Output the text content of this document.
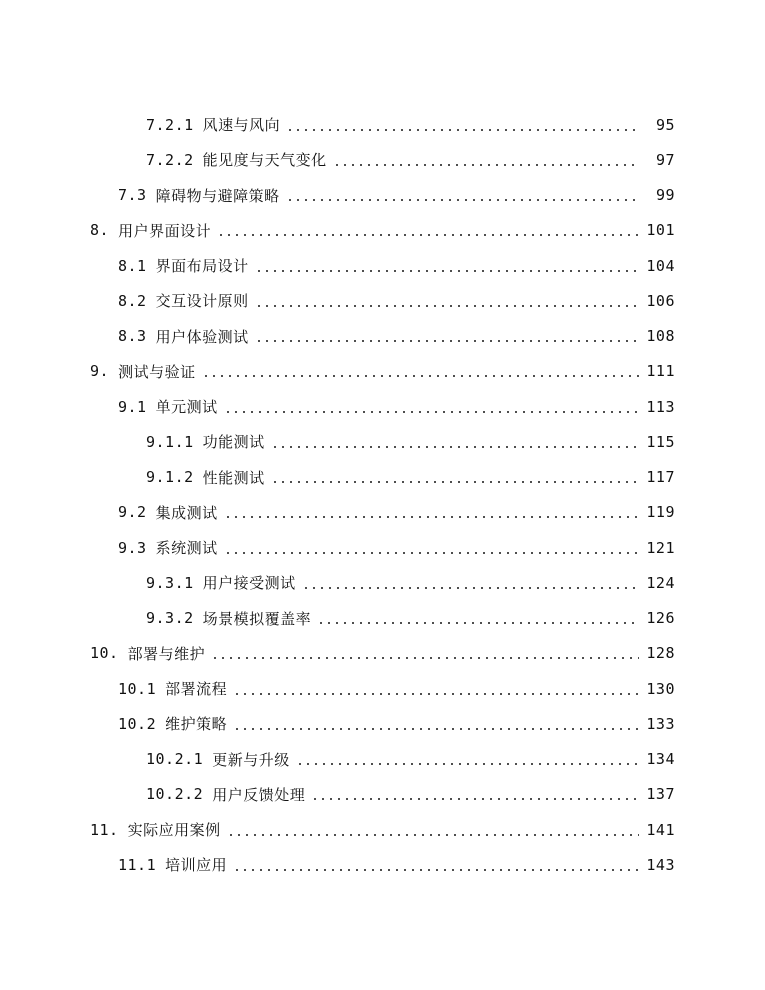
7.2.1 风速与风向	95
7.2.2 能见度与天气变化	97
7.3 障碍物与避障策略	99
8. 用户界面设计	101
8.1 界面布局设计	104
8.2 交互设计原则	106
8.3 用户体验测试	108
9. 测试与验证	111
9.1 单元测试	113
9.1.1 功能测试	115
9.1.2 性能测试	117
9.2 集成测试	119
9.3 系统测试	121
9.3.1 用户接受测试	124
9.3.2 场景模拟覆盖率	126
10. 部署与维护	128
10.1 部署流程	130
10.2 维护策略	133
10.2.1 更新与升级	134
10.2.2 用户反馈处理	137
11. 实际应用案例	141
11.1 培训应用	143
